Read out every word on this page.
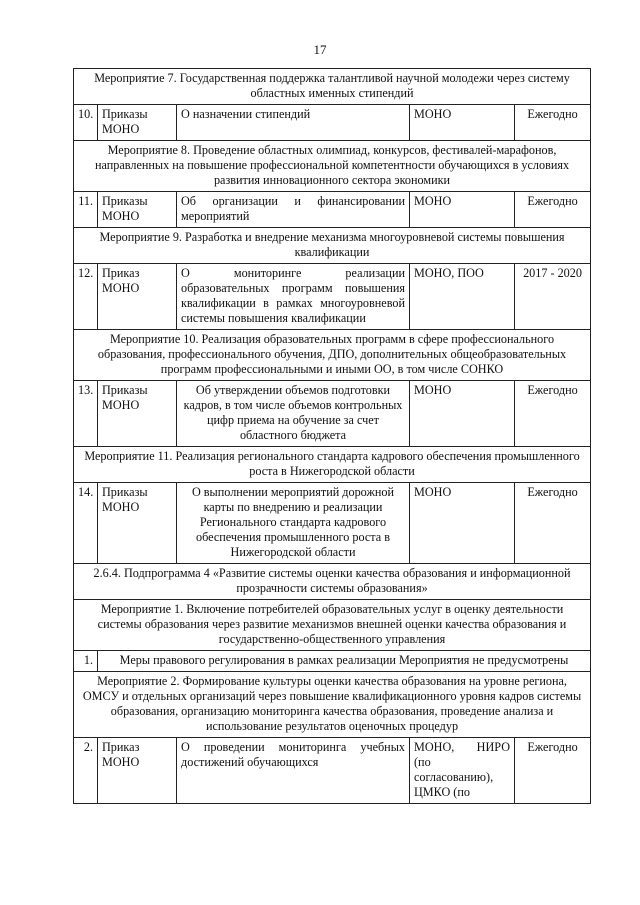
17
Мероприятие 7. Государственная поддержка талантливой научной молодежи через систему областных именных стипендий				
10.	Приказы МОНО	О назначении стипендий	МОНО	Ежегодно
Мероприятие 8. Проведение областных олимпиад, конкурсов, фестивалей-марафонов, направленных на повышение профессиональной компетентности обучающихся в условиях развития инновационного сектора экономики				
11.	Приказы МОНО	Об организации и финансировании мероприятий	МОНО	Ежегодно
Мероприятие 9. Разработка и внедрение механизма многоуровневой системы повышения квалификации				
12.	Приказ МОНО	О мониторинге реализации образовательных программ повышения квалификации в рамках многоуровневой системы повышения квалификации	МОНО, ПОО	2017 - 2020
Мероприятие 10. Реализация образовательных программ в сфере профессионального образования, профессионального обучения, ДПО, дополнительных общеобразовательных программ профессиональными и иными ОО, в том числе СОНКО				
13.	Приказы МОНО	Об утверждении объемов подготовки кадров, в том числе объемов контрольных цифр приема на обучение за счет областного бюджета	МОНО	Ежегодно
Мероприятие 11. Реализация регионального стандарта кадрового обеспечения промышленного роста в Нижегородской области				
14.	Приказы МОНО	О выполнении мероприятий дорожной карты по внедрению и реализации Регионального стандарта кадрового обеспечения промышленного роста в Нижегородской области	МОНО	Ежегодно
2.6.4. Подпрограмма 4 «Развитие системы оценки качества образования и информационной прозрачности системы образования»				
Мероприятие 1. Включение потребителей образовательных услуг в оценку деятельности системы образования через развитие механизмов внешней оценки качества образования и государственно-общественного управления				
1.	Меры правового регулирования в рамках реализации Мероприятия не предусмотрены			
Мероприятие 2. Формирование культуры оценки качества образования на уровне региона, ОМСУ и отдельных организаций через повышение квалификационного уровня кадров системы образования, организацию мониторинга качества образования, проведение анализа и использование результатов оценочных процедур				
2.	Приказ МОНО	О проведении мониторинга учебных достижений обучающихся	МОНО, НИРО (по согласованию), ЦМКО (по	Ежегодно
